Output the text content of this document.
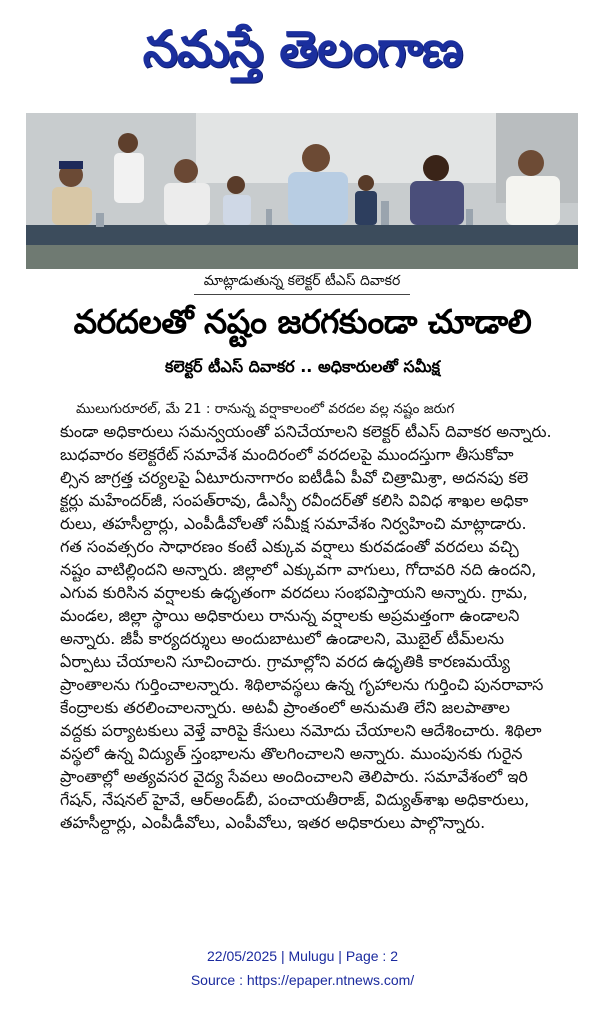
నమస్తే తెలంగాణ
మాట్లాడుతున్న కలెక్టర్ టీఎస్ దివాకర
వరదలతో నష్టం జరగకుండా చూడాలి
కలెక్టర్ టీఎస్ దివాకర .. అధికారులతో సమీక్ష
ములుగురూరల్, మే 21 : రానున్న వర్షాకాలంలో వరదల వల్ల నష్టం జరుగ
కుండా అధికారులు సమన్వయంతో పనిచేయాలని కలెక్టర్ టీఎస్ దివాకర అన్నారు.
బుధవారం కలెక్టరేట్ సమావేశ మందిరంలో వరదలపై ముందస్తుగా తీసుకోవా
ల్సిన జాగ్రత్త చర్యలపై ఏటూరునాగారం ఐటీడీఏ పీవో చిత్రామిశ్రా, అదనపు కలె
క్టర్లు మహేందర్‌జీ, సంపత్‌రావు, డీఎస్పీ రవీందర్‌తో కలిసి వివిధ శాఖల అధికా
రులు, తహసీల్దార్లు, ఎంపీడీవోలతో సమీక్ష సమావేశం నిర్వహించి మాట్లాడారు.
గత సంవత్సరం సాధారణం కంటే ఎక్కువ వర్షాలు కురవడంతో వరదలు వచ్చి
నష్టం వాటిల్లిందని అన్నారు. జిల్లాలో ఎక్కువగా వాగులు, గోదావరి నది ఉందని,
ఎగువ కురిసిన వర్షాలకు ఉధృతంగా వరదలు సంభవిస్తాయని అన్నారు. గ్రామ,
మండల, జిల్లా స్థాయి అధికారులు రానున్న వర్షాలకు అప్రమత్తంగా ఉండాలని
అన్నారు. జీపీ కార్యదర్శులు అందుబాటులో ఉండాలని, మొబైల్ టీమ్‌లను
ఏర్పాటు చేయాలని సూచించారు. గ్రామాల్లోని వరద ఉధృతికి కారణమయ్యే
ప్రాంతాలను గుర్తించాలన్నారు. శిథిలావస్థలు ఉన్న గృహాలను గుర్తించి పునరావాస
కేంద్రాలకు తరలించాలన్నారు. అటవీ ప్రాంతంలో అనుమతి లేని జలపాతాల
వద్దకు పర్యాటకులు వెళ్తే వారిపై కేసులు నమోదు చేయాలని ఆదేశించారు. శిథిలా
వస్థలో ఉన్న విద్యుత్ స్తంభాలను తొలగించాలని అన్నారు. ముంపునకు గురైన
ప్రాంతాల్లో అత్యవసర వైద్య సేవలు అందించాలని తెలిపారు. సమావేశంలో ఇరి
గేషన్, నేషనల్ హైవే, ఆర్అండ్‌బీ, పంచాయతీరాజ్, విద్యుత్‌శాఖ అధికారులు,
తహసీల్దార్లు, ఎంపీడీవోలు, ఎంపీవోలు, ఇతర అధికారులు పాల్గొన్నారు.
22/05/2025 | Mulugu | Page : 2
Source : https://epaper.ntnews.com/
